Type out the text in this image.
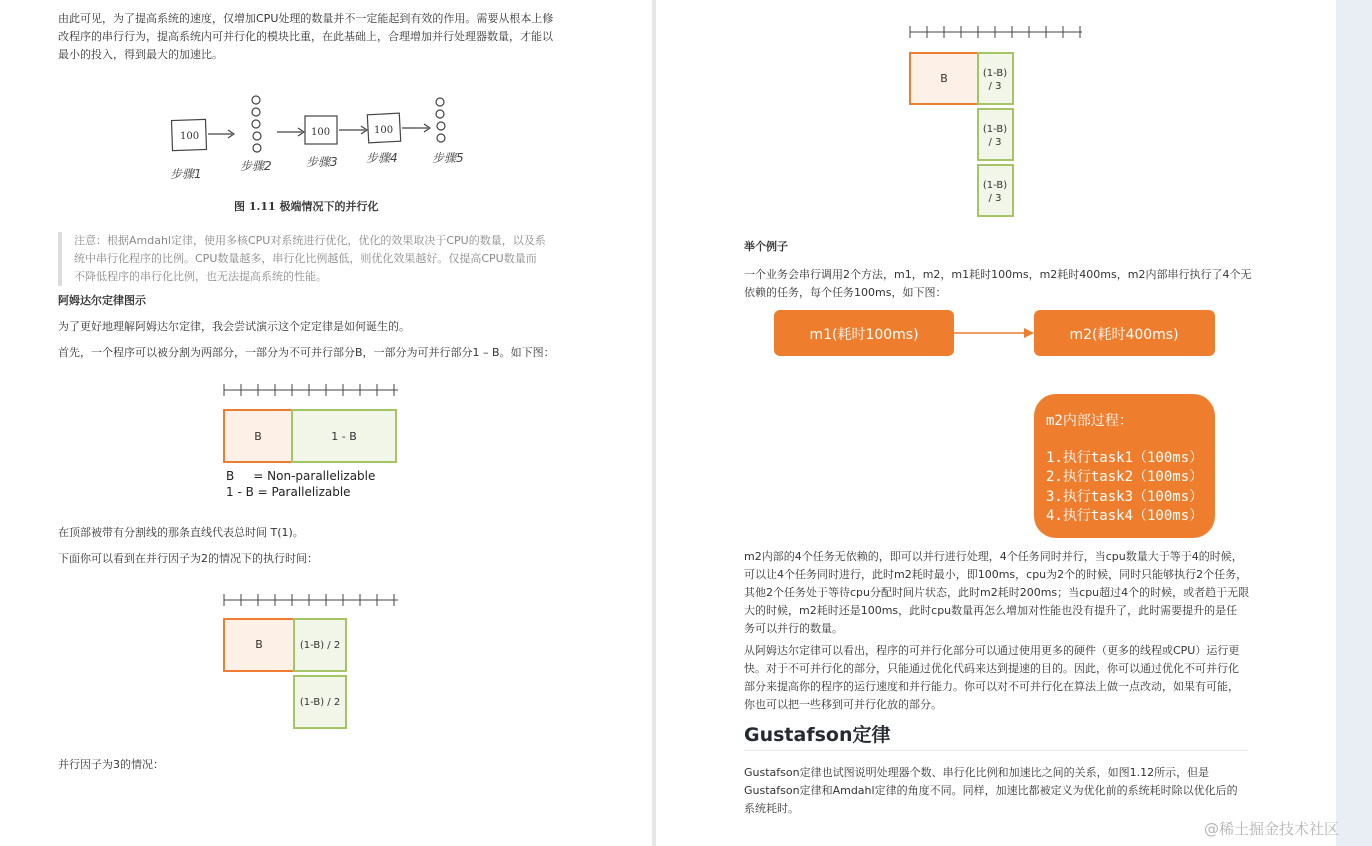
由此可见，为了提高系统的速度，仅增加CPU处理的数量并不一定能起到有效的作用。需要从根本上修
改程序的串行行为，提高系统内可并行化的模块比重，在此基础上，合理增加并行处理器数量，才能以
最小的投入，得到最大的加速比。
100	100	100
步骤1
步骤2	步骤3 步骤4	步骤5
图 1.11 极端情况下的并行化
注意：根据Amdahl定律，使用多核CPU对系统进行优化，优化的效果取决于CPU的数量，以及系
统中串行化程序的比例。CPU数量越多，串行化比例越低，则优化效果越好。仅提高CPU数量而
不降低程序的串行化比例，也无法提高系统的性能。
阿姆达尔定律图示
为了更好地理解阿姆达尔定律，我会尝试演示这个定定律是如何诞生的。
首先，一个程序可以被分割为两部分，一部分为不可并行部分B，一部分为可并行部分1 – B。如下图：
B	1 - B
B     = Non-parallelizable
1 - B = Parallelizable
在顶部被带有分割线的那条直线代表总时间 T(1)。
下面你可以看到在并行因子为2的情况下的执行时间：
B	(1-B) / 2
(1-B) / 2
并行因子为3的情况：
B	(1-B)
/ 3
(1-B)
/ 3
(1-B)
/ 3
举个例子
一个业务会串行调用2个方法，m1，m2，m1耗时100ms，m2耗时400ms，m2内部串行执行了4个无
依赖的任务，每个任务100ms，如下图：
m1(耗时100ms)	m2(耗时400ms)
m2内部过程：
1.执行task1（100ms）
2.执行task2（100ms）
3.执行task3（100ms）
4.执行task4（100ms）
m2内部的4个任务无依赖的，即可以并行进行处理，4个任务同时并行，当cpu数量大于等于4的时候，
可以让4个任务同时进行，此时m2耗时最小，即100ms，cpu为2个的时候，同时只能够执行2个任务，
其他2个任务处于等待cpu分配时间片状态，此时m2耗时200ms；当cpu超过4个的时候，或者趋于无限
大的时候，m2耗时还是100ms，此时cpu数量再怎么增加对性能也没有提升了，此时需要提升的是任
务可以并行的数量。
从阿姆达尔定律可以看出，程序的可并行化部分可以通过使用更多的硬件（更多的线程或CPU）运行更
快。对于不可并行化的部分，只能通过优化代码来达到提速的目的。因此，你可以通过优化不可并行化
部分来提高你的程序的运行速度和并行能力。你可以对不可并行化在算法上做一点改动，如果有可能，
你也可以把一些移到可并行化放的部分。
Gustafson定律也试图说明处理器个数、串行化比例和加速比之间的关系，如图1.12所示，但是
Gustafson定律和Amdahl定律的角度不同。同样，加速比都被定义为优化前的系统耗时除以优化后的
系统耗时。
Gustafson定律
@稀土掘金技术社区
